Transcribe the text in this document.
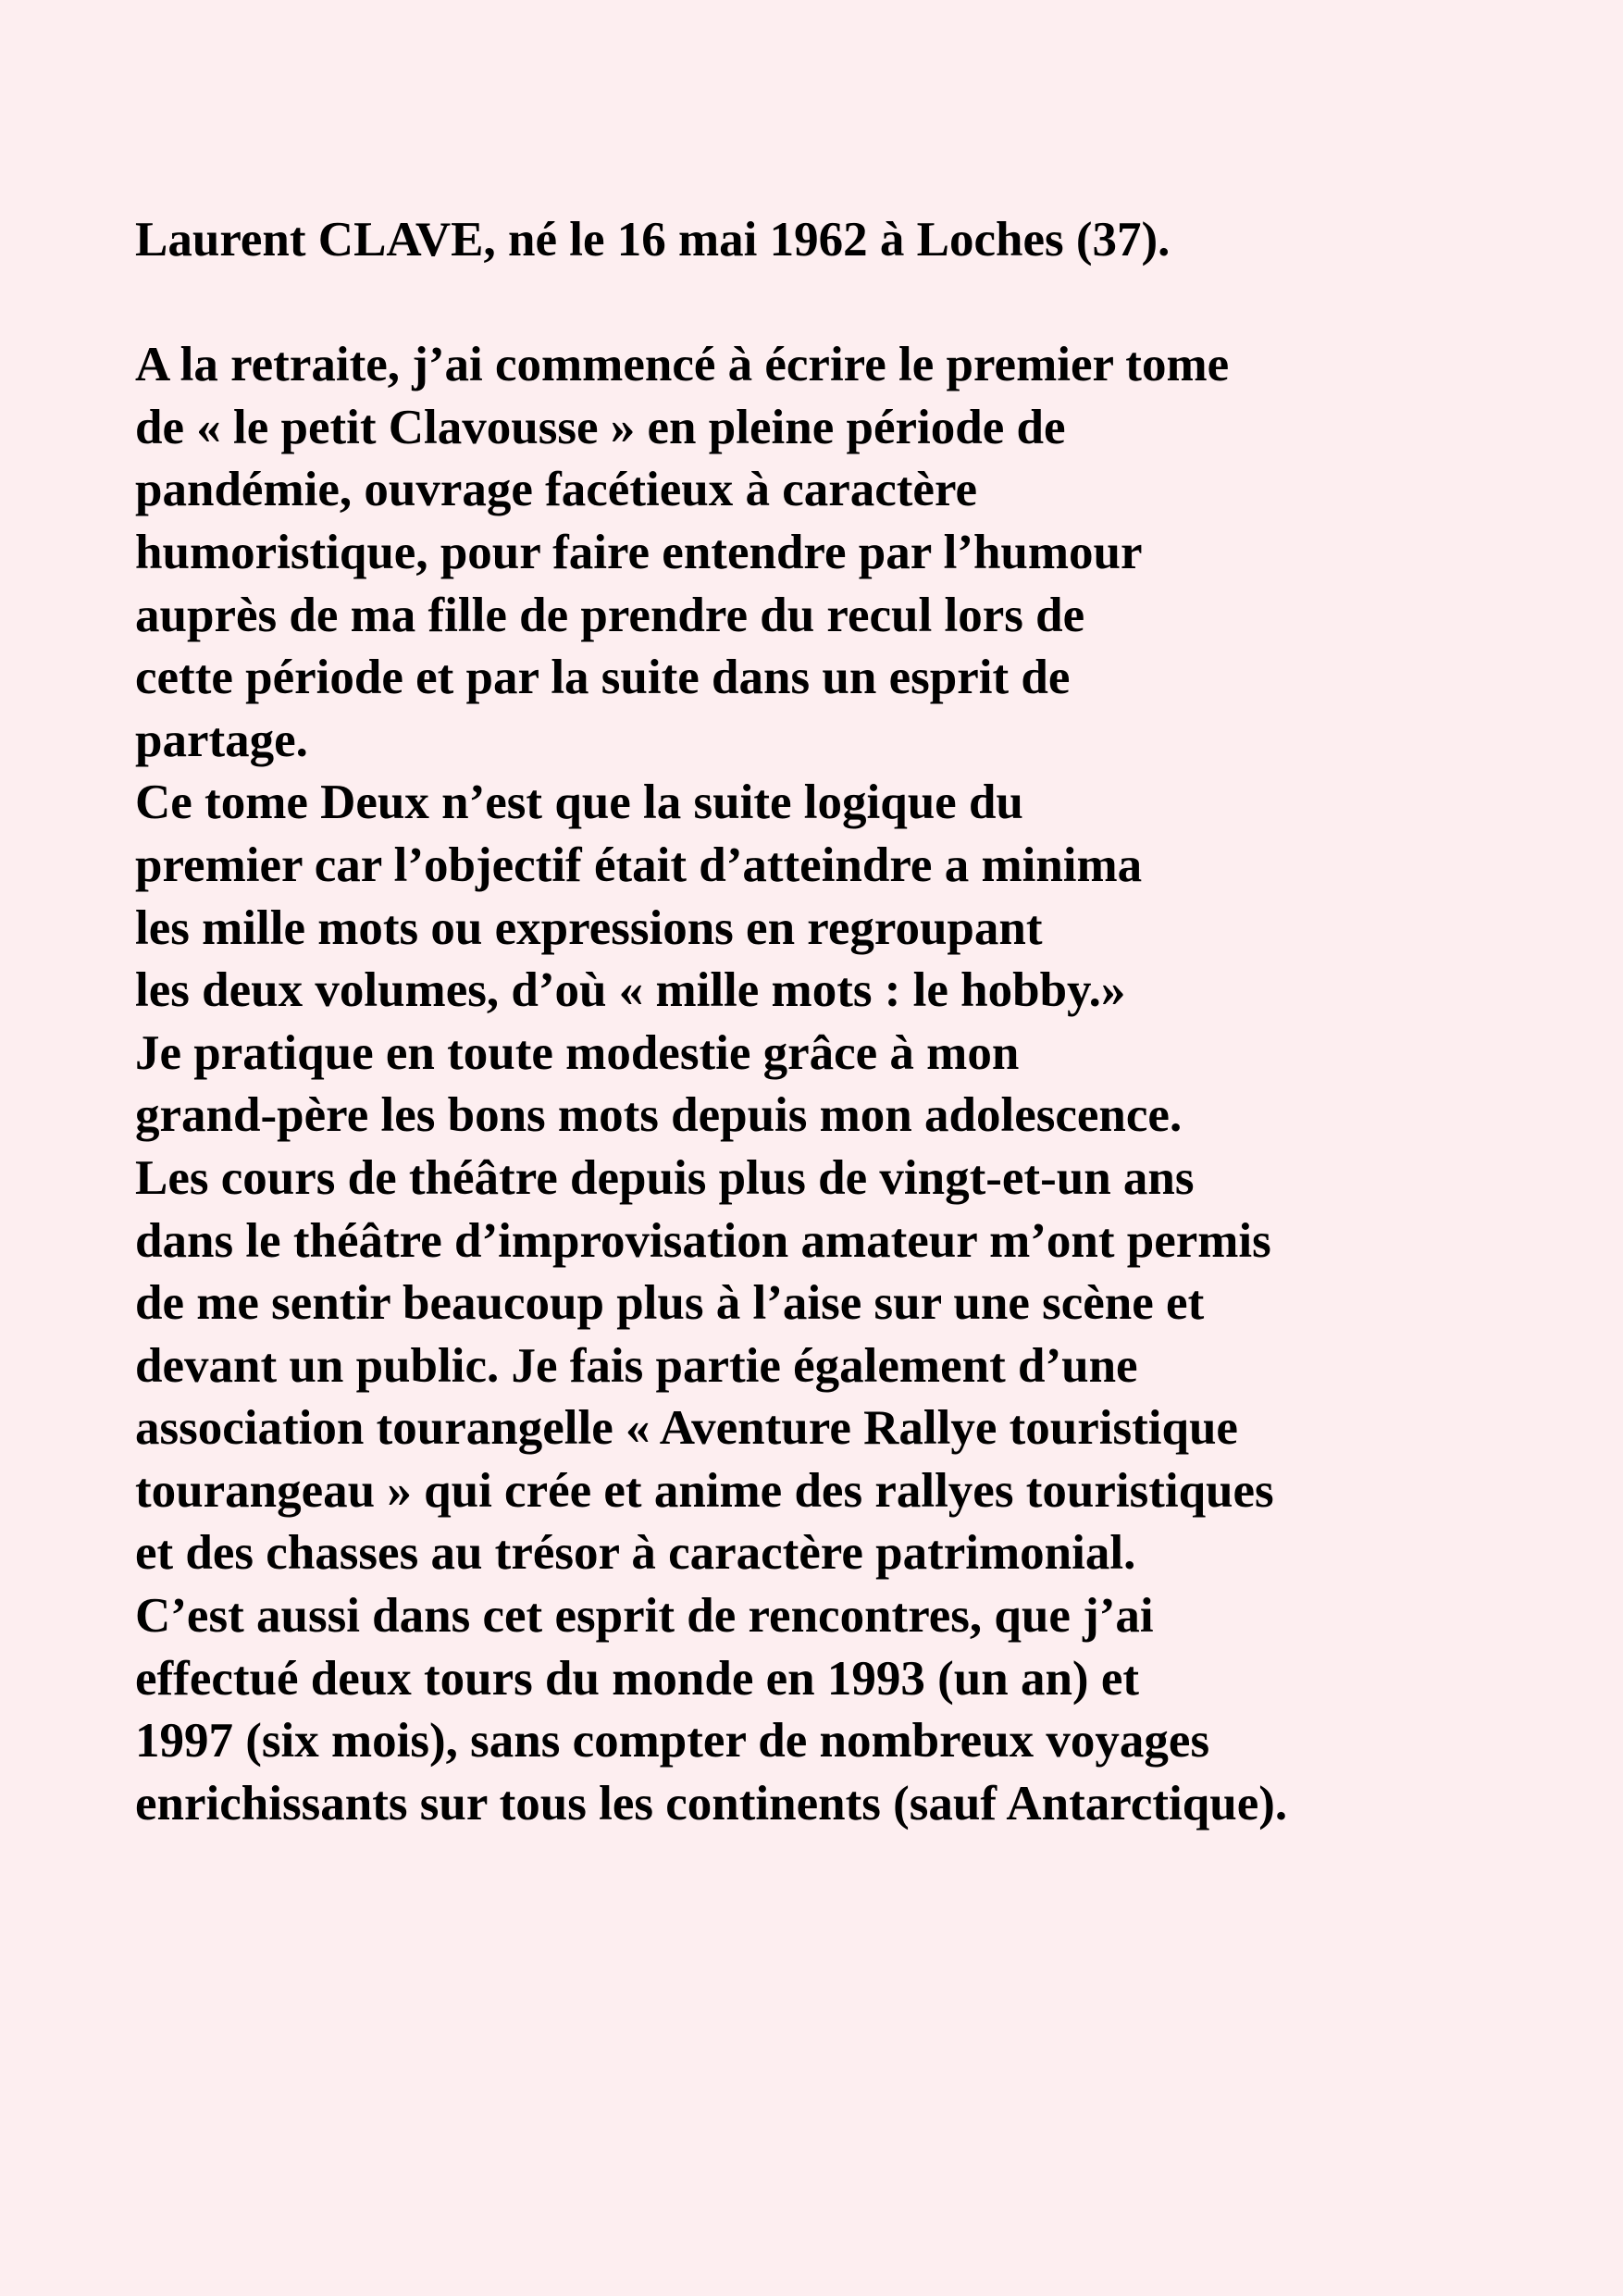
Laurent CLAVE, né le 16 mai 1962 à Loches (37).
A la retraite, j’ai commencé à écrire le premier tome
de « le petit Clavousse » en pleine période de
pandémie, ouvrage facétieux à caractère
humoristique, pour faire entendre par l’humour
auprès de ma fille de prendre du recul lors de
cette période et par la suite dans un esprit de
partage.
Ce tome Deux n’est que la suite logique du
premier car l’objectif était d’atteindre a minima
les mille mots ou expressions en regroupant
les deux volumes, d’où « mille mots : le hobby.»
Je pratique en toute modestie grâce à mon
grand-père les bons mots depuis mon adolescence.
Les cours de théâtre depuis plus de vingt-et-un ans
dans le théâtre d’improvisation amateur m’ont permis
de me sentir beaucoup plus à l’aise sur une scène et
devant un public. Je fais partie également d’une
association tourangelle « Aventure Rallye touristique
tourangeau » qui crée et anime des rallyes touristiques
et des chasses au trésor à caractère patrimonial.
C’est aussi dans cet esprit de rencontres, que j’ai
effectué deux tours du monde en 1993 (un an) et
1997 (six mois), sans compter de nombreux voyages
enrichissants sur tous les continents (sauf Antarctique).
